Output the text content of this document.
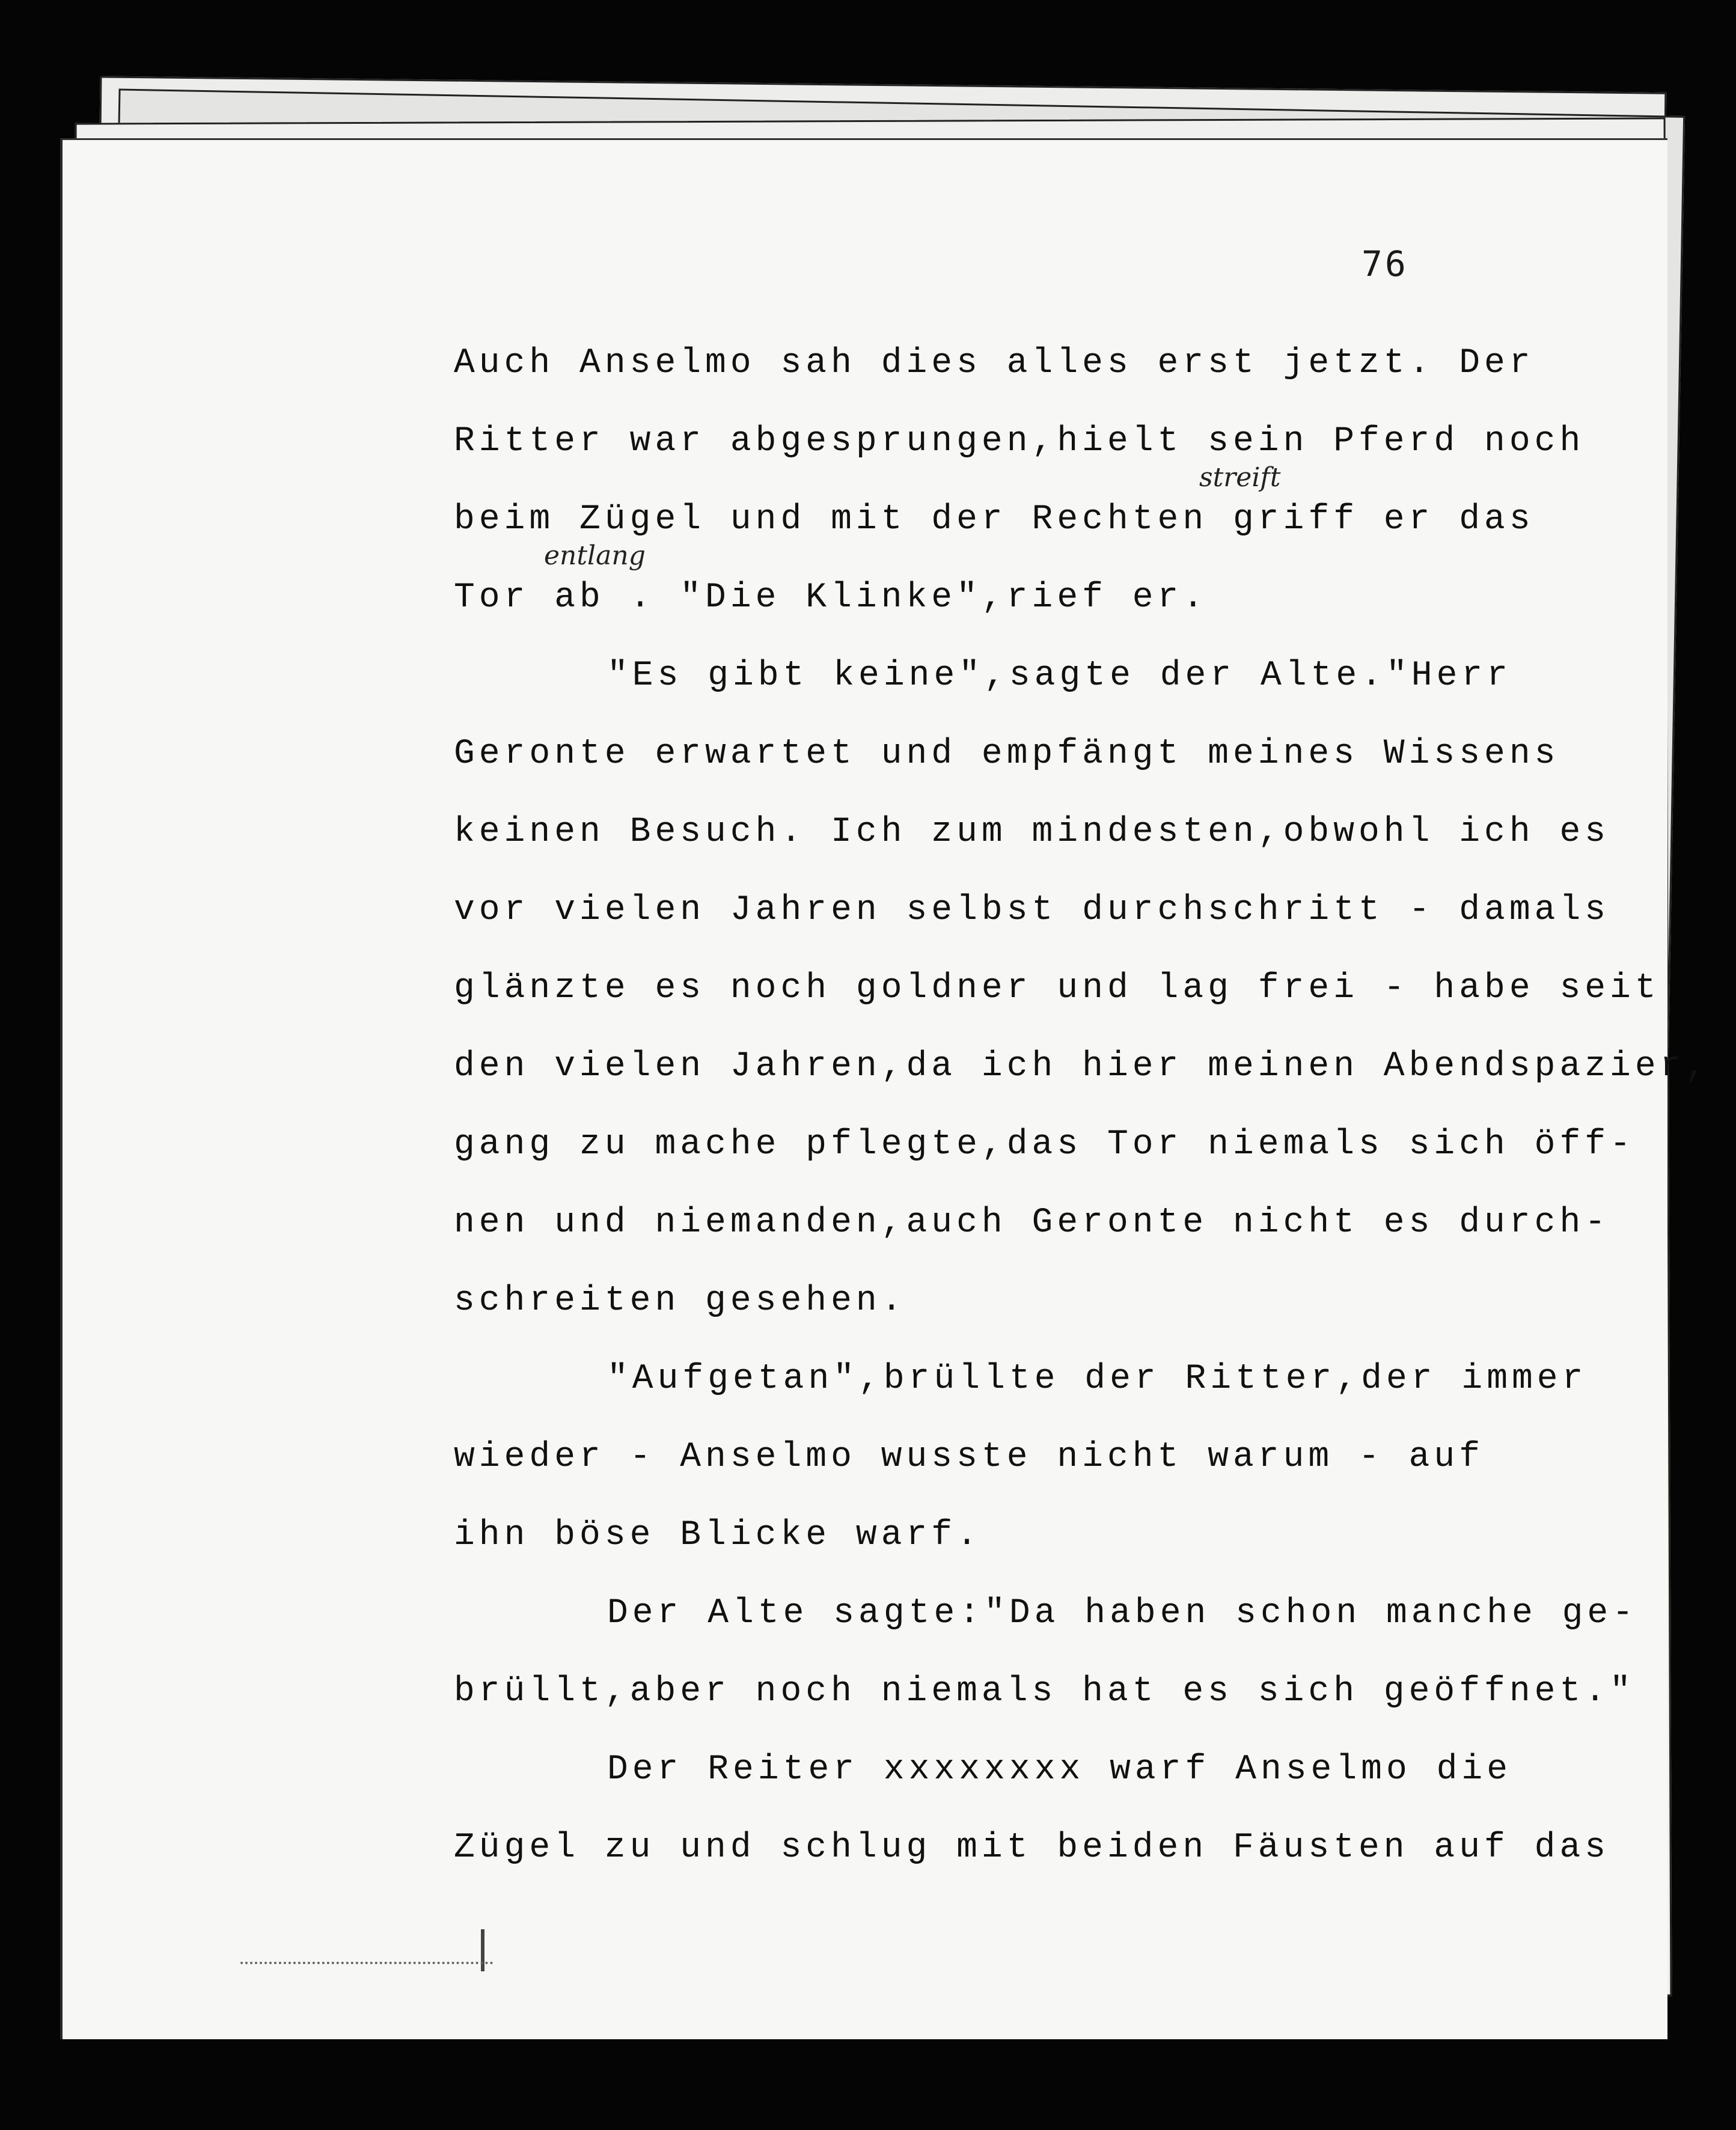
76
Auch Anselmo sah dies alles erst jetzt. Der
Ritter war abgesprungen,hielt sein Pferd noch
beim Zügel und mit der Rechten griff er das
streift
Tor ab . "Die Klinke",rief er.
entlang
"Es gibt keine",sagte der Alte."Herr
Geronte erwartet und empfängt meines Wissens
keinen Besuch. Ich zum mindesten,obwohl ich es
vor vielen Jahren selbst durchschritt - damals
glänzte es noch goldner und lag frei - habe seit
den vielen Jahren,da ich hier meinen Abendspazier,
gang zu mache pflegte,das Tor niemals sich öff-
nen und niemanden,auch Geronte nicht es durch-
schreiten gesehen.
"Aufgetan",brüllte der Ritter,der immer
wieder - Anselmo wusste nicht warum - auf
ihn böse Blicke warf.
Der Alte sagte:"Da haben schon manche ge-
brüllt,aber noch niemals hat es sich geöffnet."
Der Reiter xxxxxxxx warf Anselmo die
Zügel zu und schlug mit beiden Fäusten auf das
